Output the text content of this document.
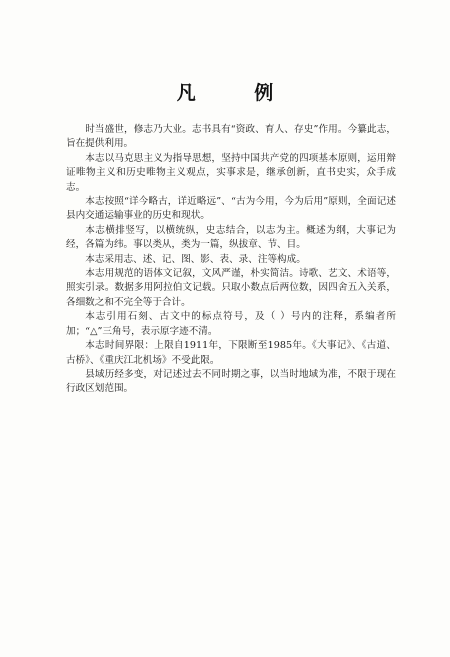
凡 例

时当盛世，修志乃大业。志书具有“资政、育人、存史”作用。今纂此志，旨在提供利用。

本志以马克思主义为指导思想，坚持中国共产党的四项基本原则，运用辩证唯物主义和历史唯物主义观点，实事求是，继承创新，直书史实，众手成志。

本志按照“详今略古，详近略远”、“古为今用，今为后用”原则，全面记述县内交通运输事业的历史和现状。

本志横排竖写，以横统纵，史志结合，以志为主。概述为纲，大事记为经，各篇为纬。事以类从，类为一篇，纵拔章、节、目。

本志采用志、述、记、图、影、表、录、注等构成。

本志用规范的语体文记叙，文风严谨，朴实简洁。诗歌、艺文、术语等，照实引录。数据多用阿拉伯文记载。只取小数点后两位数，因四舍五入关系，各细数之和不完全等于合计。

本志引用石刻、古文中的标点符号，及（ ）号内的注释，系编者所加；“△”三角号，表示原字迹不清。

本志时间界限：上限自1911年，下限断至1985年。《大事记》、《古道、古桥》、《重庆江北机场》不受此限。

县域历经多变，对记述过去不同时期之事，以当时地域为准，不限于现在行政区划范围。
